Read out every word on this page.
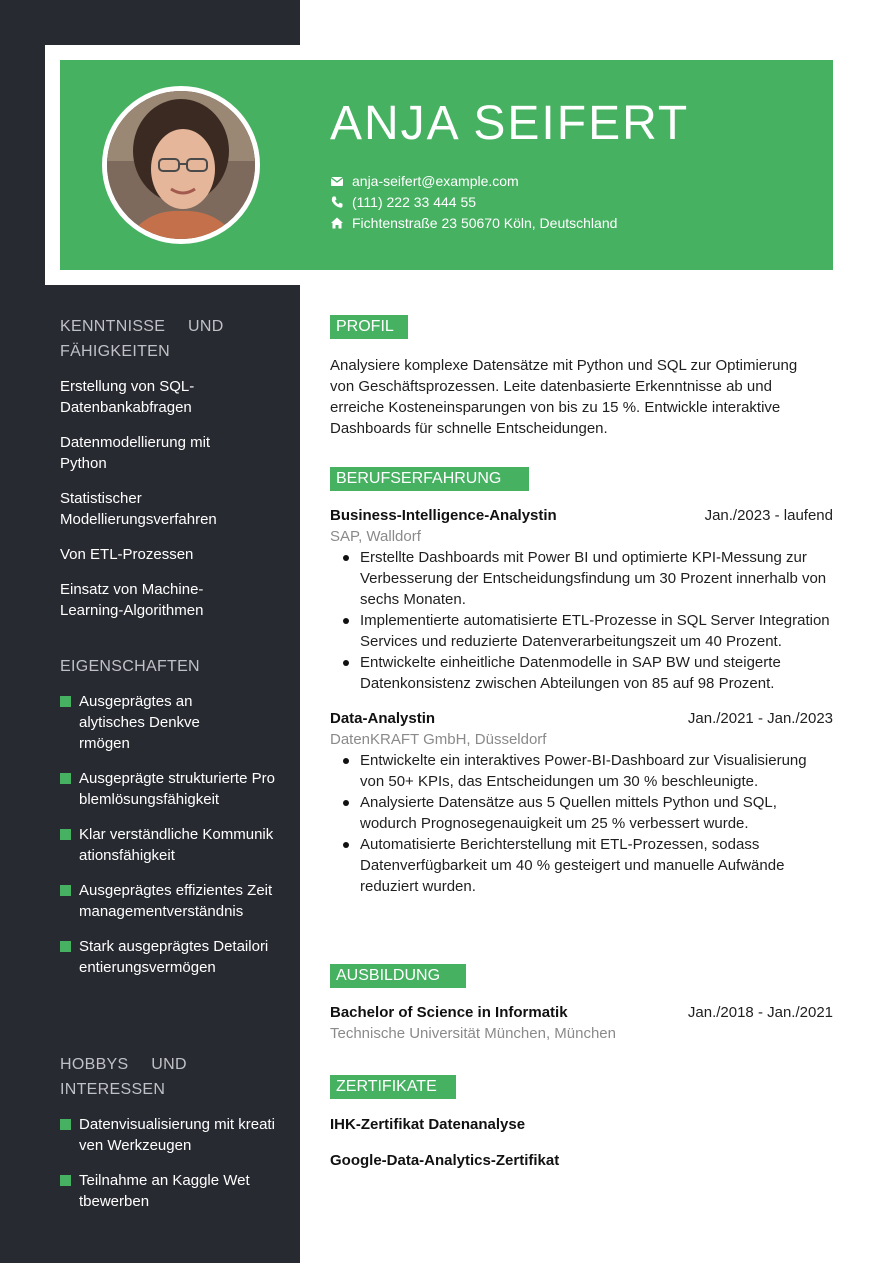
ANJA SEIFERT
anja-seifert@example.com
(111) 222 33 444 55
Fichtenstraße 23 50670 Köln, Deutschland
KENNTNISSE UND
FÄHIGKEITEN
Erstellung von SQL-Datenbankabfragen
Datenmodellierung mit Python
Statistischer Modellierungsverfahren
Von ETL-Prozessen
Einsatz von Machine-Learning-Algorithmen
EIGENSCHAFTEN
Ausgeprägtes analytisches Denkvermögen
Ausgeprägte strukturierte Problemlösungsfähigkeit
Klar verständliche Kommunikationsfähigkeit
Ausgeprägtes effizientes Zeitmanagementverständnis
Stark ausgeprägtes Detailorientierungsvermögen
HOBBYS UND
INTERESSEN
Datenvisualisierung mit kreativen Werkzeugen
Teilnahme an Kaggle Wettbewerben
PROFIL
Analysiere komplexe Datensätze mit Python und SQL zur Optimierung von Geschäftsprozessen. Leite datenbasierte Erkenntnisse ab und erreiche Kosteneinsparungen von bis zu 15 %. Entwickle interaktive Dashboards für schnelle Entscheidungen.
BERUFSERFAHRUNG
Business-Intelligence-Analystin	Jan./2023 - laufend
SAP, Walldorf
Erstellte Dashboards mit Power BI und optimierte KPI-Messung zur Verbesserung der Entscheidungsfindung um 30 Prozent innerhalb von sechs Monaten.
Implementierte automatisierte ETL-Prozesse in SQL Server Integration Services und reduzierte Datenverarbeitungszeit um 40 Prozent.
Entwickelte einheitliche Datenmodelle in SAP BW und steigerte Datenkonsistenz zwischen Abteilungen von 85 auf 98 Prozent.
Data-Analystin	Jan./2021 - Jan./2023
DatenKRAFT GmbH, Düsseldorf
Entwickelte ein interaktives Power-BI-Dashboard zur Visualisierung von 50+ KPIs, das Entscheidungen um 30 % beschleunigte.
Analysierte Datensätze aus 5 Quellen mittels Python und SQL, wodurch Prognosegenauigkeit um 25 % verbessert wurde.
Automatisierte Berichterstellung mit ETL-Prozessen, sodass Datenverfügbarkeit um 40 % gesteigert und manuelle Aufwände reduziert wurden.
AUSBILDUNG
Bachelor of Science in Informatik	Jan./2018 - Jan./2021
Technische Universität München, München
ZERTIFIKATE
IHK-Zertifikat Datenanalyse
Google-Data-Analytics-Zertifikat
